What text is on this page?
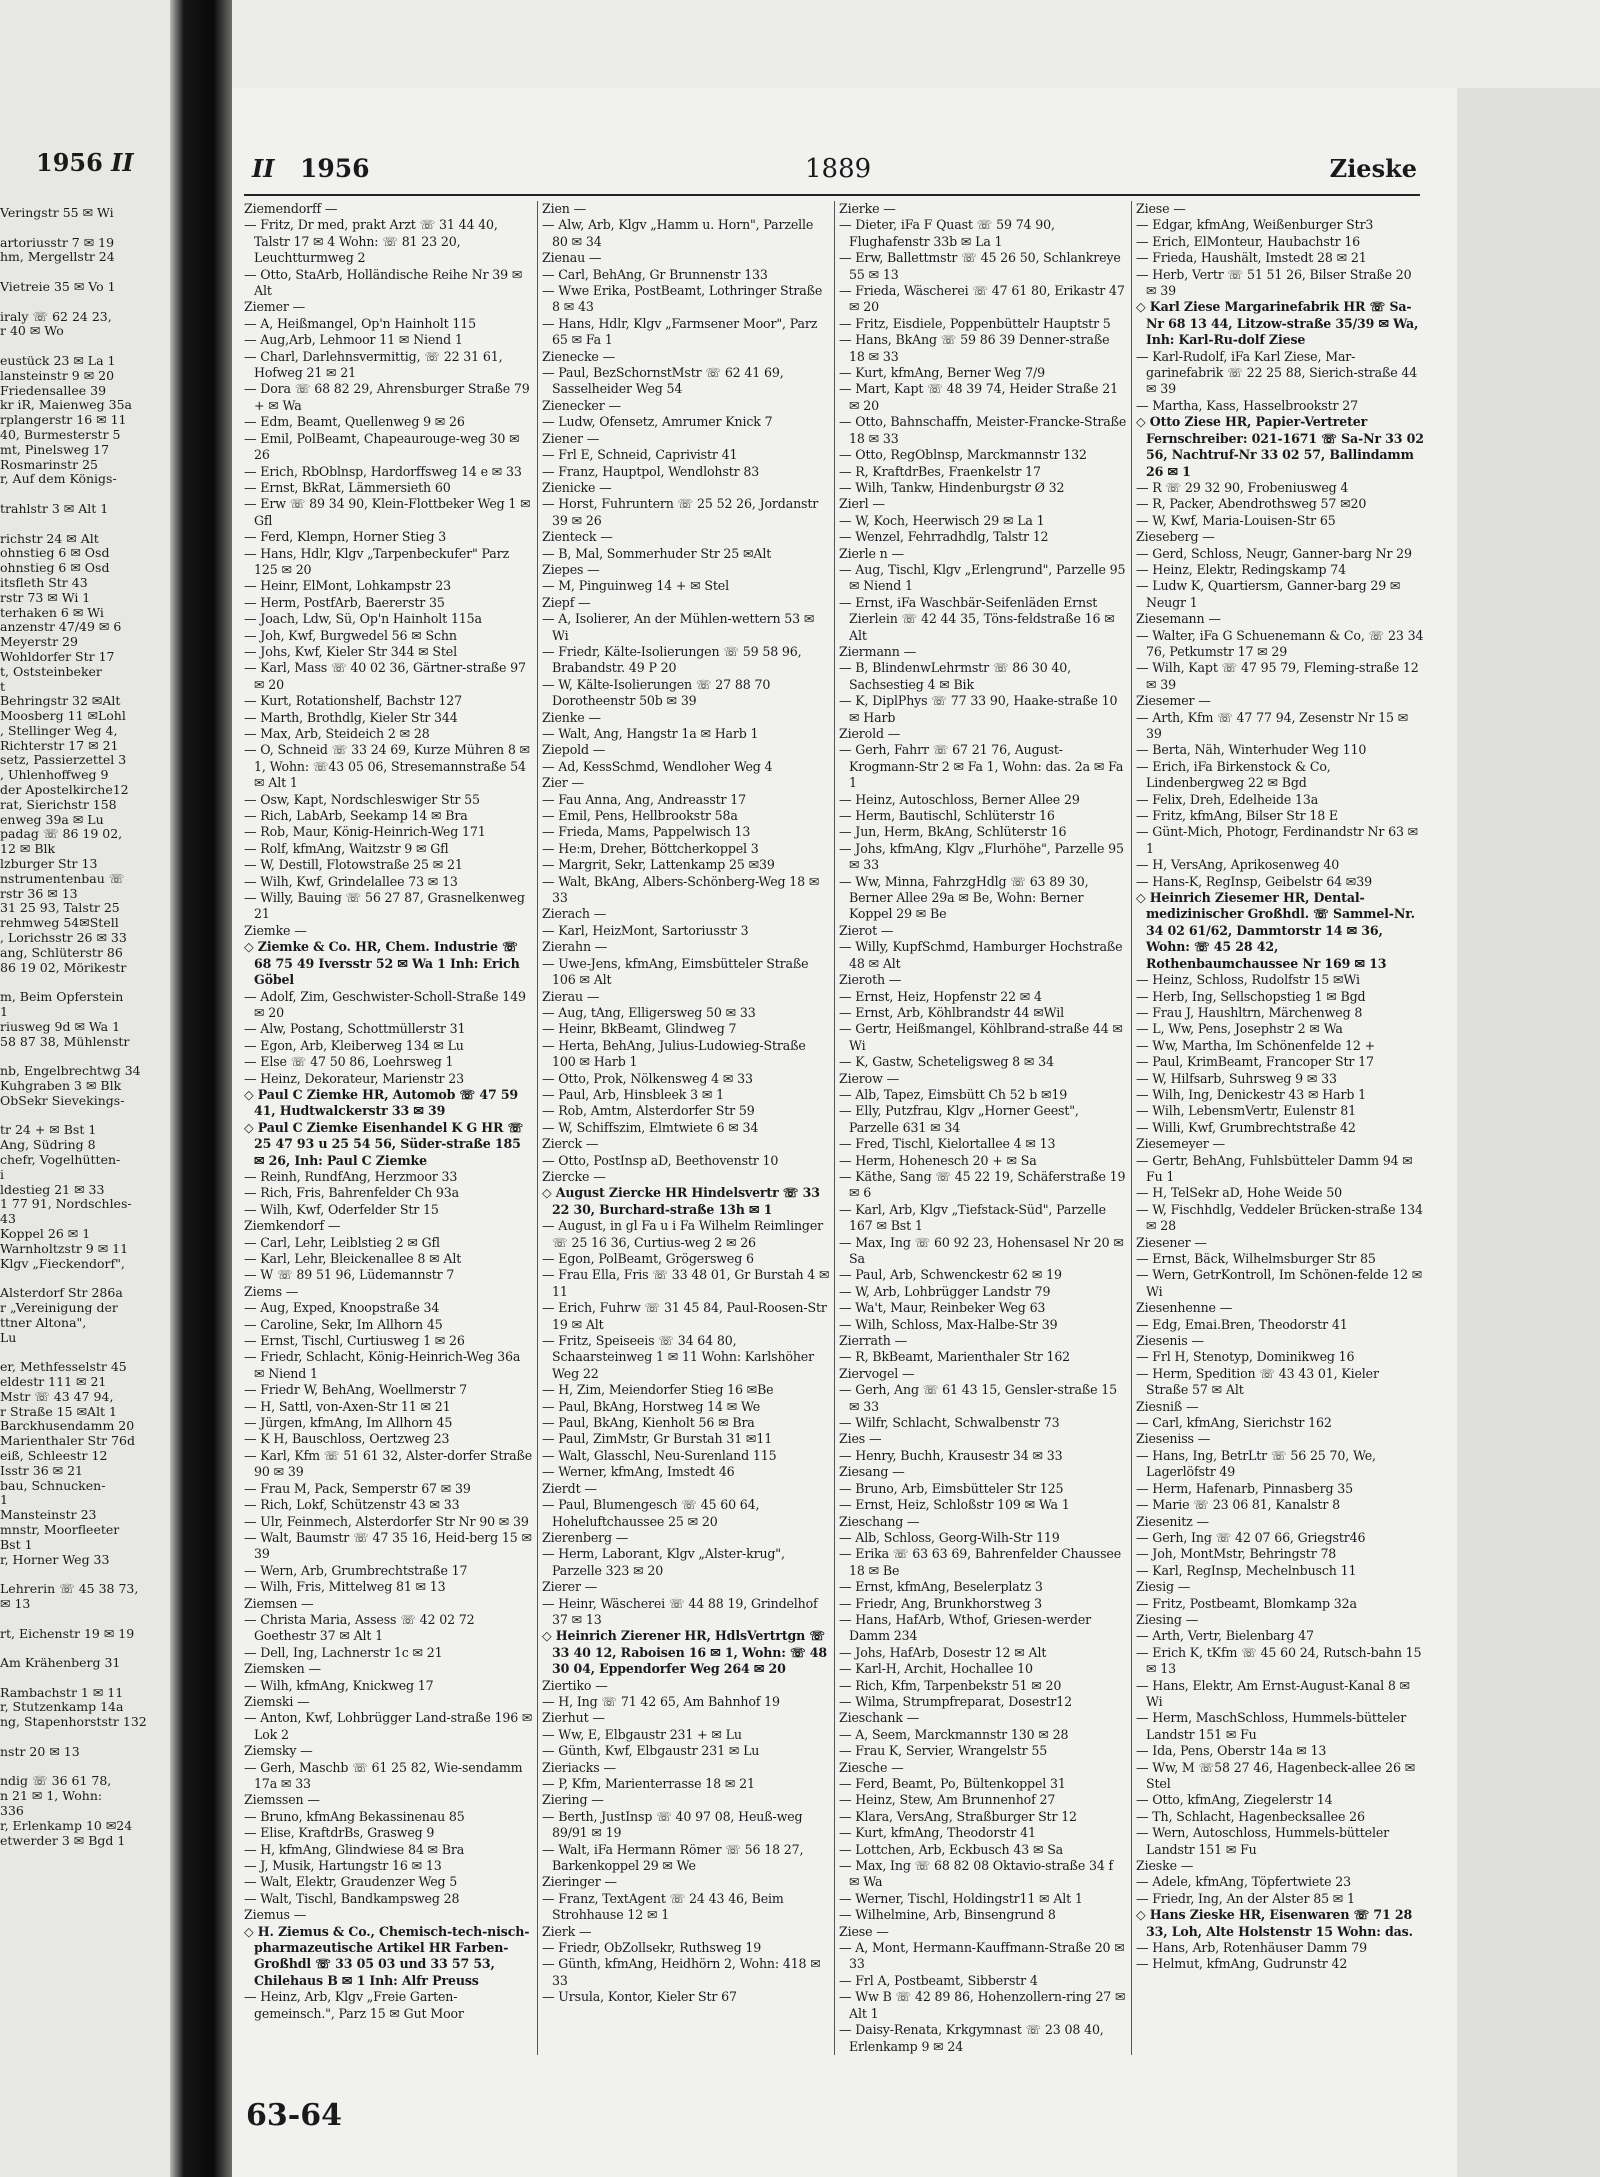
1956 II
Veringstr 55 ✉ Wi
artoriusstr 7 ✉ 19
hm, Mergellstr 24
Vietreie 35 ✉ Vo 1
iraly ☏ 62 24 23,
r 40 ✉ Wo
eustück 23 ✉ La 1
lansteinstr 9 ✉ 20
Friedensallee 39
kr iR, Maienweg 35a
rplangerstr 16 ✉ 11
40, Burmesterstr 5
mt, Pinelsweg 17
Rosmarinstr 25
r, Auf dem Königs-
trahlstr 3 ✉ Alt 1
richstr 24 ✉ Alt
ohnstieg 6 ✉ Osd
ohnstieg 6 ✉ Osd
itsfleth Str 43
rstr 73 ✉ Wi 1
terhaken 6 ✉ Wi
anzenstr 47/49 ✉ 6
Meyerstr 29
Wohldorfer Str 17
t, Oststeinbeker
t
Behringstr 32 ✉Alt
Moosberg 11 ✉Lohl
, Stellinger Weg 4,
Richterstr 17 ✉ 21
setz, Passierzettel 3
, Uhlenhoffweg 9
der Apostelkirche12
rat, Sierichstr 158
enweg 39a ✉ Lu
padag ☏ 86 19 02,
12 ✉ Blk
lzburger Str 13
nstrumentenbau ☏
rstr 36 ✉ 13
31 25 93, Talstr 25
rehmweg 54✉Stell
, Lorichsstr 26 ✉ 33
ang, Schlüterstr 86
86 19 02, Mörikestr
m, Beim Opferstein
1
riusweg 9d ✉ Wa 1
58 87 38, Mühlenstr
nb, Engelbrechtwg 34
Kuhgraben 3 ✉ Blk
ObSekr Sievekings-
tr 24 + ✉ Bst 1
Ang, Südring 8
chefr, Vogelhütten-
i
ldestieg 21 ✉ 33
1 77 91, Nordschles-
43
Koppel 26 ✉ 1
Warnholtzstr 9 ✉ 11
Klgv „Fieckendorf",
Alsterdorf Str 286a
r „Vereinigung der
ttner Altona",
Lu
er, Methfesselstr 45
eldestr 111 ✉ 21
Mstr ☏ 43 47 94,
r Straße 15 ✉Alt 1
Barckhusendamm 20
Marienthaler Str 76d
eiß, Schleestr 12
Isstr 36 ✉ 21
bau, Schnucken-
1
Mansteinstr 23
mnstr, Moorfleeter
Bst 1
r, Horner Weg 33
Lehrerin ☏ 45 38 73,
✉ 13
rt, Eichenstr 19 ✉ 19
Am Krähenberg 31
Rambachstr 1 ✉ 11
r, Stutzenkamp 14a
ng, Stapenhorststr 132
nstr 20 ✉ 13
ndig ☏ 36 61 78,
n 21 ✉ 1, Wohn:
336
r, Erlenkamp 10 ✉24
etwerder 3 ✉ Bgd 1
II 1956	1889	Zieske

Ziemendorff —

— Fritz, Dr med, prakt Arzt ☏ 31 44 40, Talstr 17 ✉ 4 Wohn: ☏ 81 23 20, Leuchtturmweg 2

— Otto, StaArb, Holländische Reihe Nr 39 ✉ Alt

Ziemer —

— A, Heißmangel, Op'n Hainholt 115

— Aug,Arb, Lehmoor 11 ✉ Niend 1

— Charl, Darlehnsvermittig, ☏ 22 31 61, Hofweg 21 ✉ 21

— Dora ☏ 68 82 29, Ahrensburger Straße 79 + ✉ Wa

— Edm, Beamt, Quellenweg 9 ✉ 26

— Emil, PolBeamt, Chapeaurouge-weg 30 ✉ 26

— Erich, RbOblnsp, Hardorffsweg 14 e ✉ 33

— Ernst, BkRat, Lämmersieth 60

— Erw ☏ 89 34 90, Klein-Flottbeker Weg 1 ✉ Gfl

— Ferd, Klempn, Horner Stieg 3

— Hans, Hdlr, Klgv „Tarpenbeckufer" Parz 125 ✉ 20

— Heinr, ElMont, Lohkampstr 23

— Herm, PostfArb, Baererstr 35

— Joach, Ldw, Sü, Op'n Hainholt 115a

— Joh, Kwf, Burgwedel 56 ✉ Schn

— Johs, Kwf, Kieler Str 344 ✉ Stel

— Karl, Mass ☏ 40 02 36, Gärtner-straße 97 ✉ 20

— Kurt, Rotationshelf, Bachstr 127

— Marth, Brothdlg, Kieler Str 344

— Max, Arb, Steideich 2 ✉ 28

— O, Schneid ☏ 33 24 69, Kurze Mühren 8 ✉ 1, Wohn: ☏43 05 06, Stresemannstraße 54 ✉ Alt 1

— Osw, Kapt, Nordschleswiger Str 55

— Rich, LabArb, Seekamp 14 ✉ Bra

— Rob, Maur, König-Heinrich-Weg 171

— Rolf, kfmAng, Waitzstr 9 ✉ Gfl

— W, Destill, Flotowstraße 25 ✉ 21

— Wilh, Kwf, Grindelallee 73 ✉ 13

— Willy, Bauing ☏ 56 27 87, Grasnelkenweg 21

Ziemke —

◇ Ziemke & Co. HR, Chem. Industrie ☏ 68 75 49 Iversstr 52 ✉ Wa 1 Inh: Erich Göbel

— Adolf, Zim, Geschwister-Scholl-Straße 149 ✉ 20

— Alw, Postang, Schottmüllerstr 31

— Egon, Arb, Kleiberweg 134 ✉ Lu

— Else ☏ 47 50 86, Loehrsweg 1

— Heinz, Dekorateur, Marienstr 23

◇ Paul C Ziemke HR, Automob ☏ 47 59 41, Hudtwalckerstr 33 ✉ 39

◇ Paul C Ziemke Eisenhandel K G HR ☏ 25 47 93 u 25 54 56, Süder-straße 185 ✉ 26, Inh: Paul C Ziemke

— Reinh, RundfAng, Herzmoor 33

— Rich, Fris, Bahrenfelder Ch 93a

— Wilh, Kwf, Oderfelder Str 15

Ziemkendorf —

— Carl, Lehr, Leiblstieg 2 ✉ Gfl

— Karl, Lehr, Bleickenallee 8 ✉ Alt

— W ☏ 89 51 96, Lüdemannstr 7

Ziems —

— Aug, Exped, Knoopstraße 34

— Caroline, Sekr, Im Allhorn 45

— Ernst, Tischl, Curtiusweg 1 ✉ 26

— Friedr, Schlacht, König-Heinrich-Weg 36a ✉ Niend 1

— Friedr W, BehAng, Woellmerstr 7

— H, Sattl, von-Axen-Str 11 ✉ 21

— Jürgen, kfmAng, Im Allhorn 45

— K H, Bauschloss, Oertzweg 23

— Karl, Kfm ☏ 51 61 32, Alster-dorfer Straße 90 ✉ 39

— Frau M, Pack, Semperstr 67 ✉ 39

— Rich, Lokf, Schützenstr 43 ✉ 33

— Ulr, Feinmech, Alsterdorfer Str Nr 90 ✉ 39

— Walt, Baumstr ☏ 47 35 16, Heid-berg 15 ✉ 39

— Wern, Arb, Grumbrechtstraße 17

— Wilh, Fris, Mittelweg 81 ✉ 13

Ziemsen —

— Christa Maria, Assess ☏ 42 02 72 Goethestr 37 ✉ Alt 1

— Dell, Ing, Lachnerstr 1c ✉ 21

Ziemsken —

— Wilh, kfmAng, Knickweg 17

Ziemski —

— Anton, Kwf, Lohbrügger Land-straße 196 ✉ Lok 2

Ziemsky —

— Gerh, Maschb ☏ 61 25 82, Wie-sendamm 17a ✉ 33

Ziemssen —

— Bruno, kfmAng Bekassinenau 85

— Elise, KraftdrBs, Grasweg 9

— H, kfmAng, Glindwiese 84 ✉ Bra

— J, Musik, Hartungstr 16 ✉ 13

— Walt, Elektr, Graudenzer Weg 5

— Walt, Tischl, Bandkampsweg 28

Ziemus —

◇ H. Ziemus & Co., Chemisch-tech-nisch-pharmazeutische Artikel HR Farben-Großhdl ☏ 33 05 03 und 33 57 53, Chilehaus B ✉ 1 Inh: Alfr Preuss

— Heinz, Arb, Klgv „Freie Garten-gemeinsch.", Parz 15 ✉ Gut Moor

Zien —

— Alw, Arb, Klgv „Hamm u. Horn", Parzelle 80 ✉ 34

Zienau —

— Carl, BehAng, Gr Brunnenstr 133

— Wwe Erika, PostBeamt, Lothringer Straße 8 ✉ 43

— Hans, Hdlr, Klgv „Farmsener Moor", Parz 65 ✉ Fa 1

Zienecke —

— Paul, BezSchornstMstr ☏ 62 41 69, Sasselheider Weg 54

Zienecker —

— Ludw, Ofensetz, Amrumer Knick 7

Ziener —

— Frl E, Schneid, Caprivistr 41

— Franz, Hauptpol, Wendlohstr 83

Zienicke —

— Horst, Fuhruntern ☏ 25 52 26, Jordanstr 39 ✉ 26

Zienteck —

— B, Mal, Sommerhuder Str 25 ✉Alt

Ziepes —

— M, Pinguinweg 14 + ✉ Stel

Ziepf —

— A, Isolierer, An der Mühlen-wettern 53 ✉ Wi

— Friedr, Kälte-Isolierungen ☏ 59 58 96, Brabandstr. 49 P 20

— W, Kälte-Isolierungen ☏ 27 88 70 Dorotheenstr 50b ✉ 39

Zienke —

— Walt, Ang, Hangstr 1a ✉ Harb 1

Ziepold —

— Ad, KessSchmd, Wendloher Weg 4

Zier —

— Fau Anna, Ang, Andreasstr 17

— Emil, Pens, Hellbrookstr 58a

— Frieda, Mams, Pappelwisch 13

— He:m, Dreher, Böttcherkoppel 3

— Margrit, Sekr, Lattenkamp 25 ✉39

— Walt, BkAng, Albers-Schönberg-Weg 18 ✉ 33

Zierach —

— Karl, HeizMont, Sartoriusstr 3

Zierahn —

— Uwe-Jens, kfmAng, Eimsbütteler Straße 106 ✉ Alt

Zierau —

— Aug, tAng, Elligersweg 50 ✉ 33

— Heinr, BkBeamt, Glindweg 7

— Herta, BehAng, Julius-Ludowieg-Straße 100 ✉ Harb 1

— Otto, Prok, Nölkensweg 4 ✉ 33

— Paul, Arb, Hinsbleek 3 ✉ 1

— Rob, Amtm, Alsterdorfer Str 59

— W, Schiffszim, Elmtwiete 6 ✉ 34

Zierck —

— Otto, PostInsp aD, Beethovenstr 10

Ziercke —

◇ August Ziercke HR Hindelsvertr ☏ 33 22 30, Burchard-straße 13h ✉ 1

— August, in gl Fa u i Fa Wilhelm Reimlinger ☏ 25 16 36, Curtius-weg 2 ✉ 26

— Egon, PolBeamt, Grögersweg 6

— Frau Ella, Fris ☏ 33 48 01, Gr Burstah 4 ✉ 11

— Erich, Fuhrw ☏ 31 45 84, Paul-Roosen-Str 19 ✉ Alt

— Fritz, Speiseeis ☏ 34 64 80, Schaarsteinweg 1 ✉ 11 Wohn: Karlshöher Weg 22

— H, Zim, Meiendorfer Stieg 16 ✉Be

— Paul, BkAng, Horstweg 14 ✉ We

— Paul, BkAng, Kienholt 56 ✉ Bra

— Paul, ZimMstr, Gr Burstah 31 ✉11

— Walt, Glasschl, Neu-Surenland 115

— Werner, kfmAng, Imstedt 46

Zierdt —

— Paul, Blumengesch ☏ 45 60 64, Hoheluftchaussee 25 ✉ 20

Zierenberg —

— Herm, Laborant, Klgv „Alster-krug", Parzelle 323 ✉ 20

Zierer —

— Heinr, Wäscherei ☏ 44 88 19, Grindelhof 37 ✉ 13

◇ Heinrich Zierener HR, HdlsVertrtgn ☏ 33 40 12, Raboisen 16 ✉ 1, Wohn: ☏ 48 30 04, Eppendorfer Weg 264 ✉ 20

Ziertiko —

— H, Ing ☏ 71 42 65, Am Bahnhof 19

Zierhut —

— Ww, E, Elbgaustr 231 + ✉ Lu

— Günth, Kwf, Elbgaustr 231 ✉ Lu

Zieriacks —

— P, Kfm, Marienterrasse 18 ✉ 21

Ziering —

— Berth, JustInsp ☏ 40 97 08, Heuß-weg 89/91 ✉ 19

— Walt, iFa Hermann Römer ☏ 56 18 27, Barkenkoppel 29 ✉ We

Zieringer —

— Franz, TextAgent ☏ 24 43 46, Beim Strohhause 12 ✉ 1

Zierk —

— Friedr, ObZollsekr, Ruthsweg 19

— Günth, kfmAng, Heidhörn 2, Wohn: 418 ✉ 33

— Ursula, Kontor, Kieler Str 67

Zierke —

— Dieter, iFa F Quast ☏ 59 74 90, Flughafenstr 33b ✉ La 1

— Erw, Ballettmstr ☏ 45 26 50, Schlankreye 55 ✉ 13

— Frieda, Wäscherei ☏ 47 61 80, Erikastr 47 ✉ 20

— Fritz, Eisdiele, Poppenbüttelr Hauptstr 5

— Hans, BkAng ☏ 59 86 39 Denner-straße 18 ✉ 33

— Kurt, kfmAng, Berner Weg 7/9

— Mart, Kapt ☏ 48 39 74, Heider Straße 21 ✉ 20

— Otto, Bahnschaffn, Meister-Francke-Straße 18 ✉ 33

— Otto, RegOblnsp, Marckmannstr 132

— R, KraftdrBes, Fraenkelstr 17

— Wilh, Tankw, Hindenburgstr Ø 32

Zierl —

— W, Koch, Heerwisch 29 ✉ La 1

— Wenzel, Fehrradhdlg, Talstr 12

Zierle n —

— Aug, Tischl, Klgv „Erlengrund", Parzelle 95 ✉ Niend 1

— Ernst, iFa Waschbär-Seifenläden Ernst Zierlein ☏ 42 44 35, Töns-feldstraße 16 ✉ Alt

Ziermann —

— B, BlindenwLehrmstr ☏ 86 30 40, Sachsestieg 4 ✉ Bik

— K, DiplPhys ☏ 77 33 90, Haake-straße 10 ✉ Harb

Zierold —

— Gerh, Fahrr ☏ 67 21 76, August-Krogmann-Str 2 ✉ Fa 1, Wohn: das. 2a ✉ Fa 1

— Heinz, Autoschloss, Berner Allee 29

— Herm, Bautischl, Schlüterstr 16

— Jun, Herm, BkAng, Schlüterstr 16

— Johs, kfmAng, Klgv „Flurhöhe", Parzelle 95 ✉ 33

— Ww, Minna, FahrzgHdlg ☏ 63 89 30, Berner Allee 29a ✉ Be, Wohn: Berner Koppel 29 ✉ Be

Zierot —

— Willy, KupfSchmd, Hamburger Hochstraße 48 ✉ Alt

Zieroth —

— Ernst, Heiz, Hopfenstr 22 ✉ 4

— Ernst, Arb, Köhlbrandstr 44 ✉Wil

— Gertr, Heißmangel, Köhlbrand-straße 44 ✉ Wi

— K, Gastw, Scheteligsweg 8 ✉ 34

Zierow —

— Alb, Tapez, Eimsbütt Ch 52 b ✉19

— Elly, Putzfrau, Klgv „Horner Geest", Parzelle 631 ✉ 34

— Fred, Tischl, Kielortallee 4 ✉ 13

— Herm, Hohenesch 20 + ✉ Sa

— Käthe, Sang ☏ 45 22 19, Schäferstraße 19 ✉ 6

— Karl, Arb, Klgv „Tiefstack-Süd", Parzelle 167 ✉ Bst 1

— Max, Ing ☏ 60 92 23, Hohensasel Nr 20 ✉ Sa

— Paul, Arb, Schwenckestr 62 ✉ 19

— W, Arb, Lohbrügger Landstr 79

— Wa't, Maur, Reinbeker Weg 63

— Wilh, Schloss, Max-Halbe-Str 39

Zierrath —

— R, BkBeamt, Marienthaler Str 162

Ziervogel —

— Gerh, Ang ☏ 61 43 15, Gensler-straße 15 ✉ 33

— Wilfr, Schlacht, Schwalbenstr 73

Zies —

— Henry, Buchh, Krausestr 34 ✉ 33

Ziesang —

— Bruno, Arb, Eimsbütteler Str 125

— Ernst, Heiz, Schloßstr 109 ✉ Wa 1

Zieschang —

— Alb, Schloss, Georg-Wilh-Str 119

— Erika ☏ 63 63 69, Bahrenfelder Chaussee 18 ✉ Be

— Ernst, kfmAng, Beselerplatz 3

— Friedr, Ang, Brunkhorstweg 3

— Hans, HafArb, Wthof, Griesen-werder Damm 234

— Johs, HafArb, Dosestr 12 ✉ Alt

— Karl-H, Archit, Hochallee 10

— Rich, Kfm, Tarpenbekstr 51 ✉ 20

— Wilma, Strumpfreparat, Dosestr12

Zieschank —

— A, Seem, Marckmannstr 130 ✉ 28

— Frau K, Servier, Wrangelstr 55

Ziesche —

— Ferd, Beamt, Po, Bültenkoppel 31

— Heinz, Stew, Am Brunnenhof 27

— Klara, VersAng, Straßburger Str 12

— Kurt, kfmAng, Theodorstr 41

— Lottchen, Arb, Eckbusch 43 ✉ Sa

— Max, Ing ☏ 68 82 08 Oktavio-straße 34 f ✉ Wa

— Werner, Tischl, Holdingstr11 ✉ Alt 1

— Wilhelmine, Arb, Binsengrund 8

Ziese —

— A, Mont, Hermann-Kauffmann-Straße 20 ✉ 33

— Frl A, Postbeamt, Sibberstr 4

— Ww B ☏ 42 89 86, Hohenzollern-ring 27 ✉ Alt 1

— Daisy-Renata, Krkgymnast ☏ 23 08 40, Erlenkamp 9 ✉ 24

Ziese —

— Edgar, kfmAng, Weißenburger Str3

— Erich, ElMonteur, Haubachstr 16

— Frieda, Haushält, Imstedt 28 ✉ 21

— Herb, Vertr ☏ 51 51 26, Bilser Straße 20 ✉ 39

◇ Karl Ziese Margarinefabrik HR ☏ Sa-Nr 68 13 44, Litzow-straße 35/39 ✉ Wa, Inh: Karl-Ru-dolf Ziese

— Karl-Rudolf, iFa Karl Ziese, Mar-garinefabrik ☏ 22 25 88, Sierich-straße 44 ✉ 39

— Martha, Kass, Hasselbrookstr 27

◇ Otto Ziese HR, Papier-Vertreter Fernschreiber: 021-1671 ☏ Sa-Nr 33 02 56, Nachtruf-Nr 33 02 57, Ballindamm 26 ✉ 1

— R ☏ 29 32 90, Frobeniusweg 4

— R, Packer, Abendrothsweg 57 ✉20

— W, Kwf, Maria-Louisen-Str 65

Zieseberg —

— Gerd, Schloss, Neugr, Ganner-barg Nr 29

— Heinz, Elektr, Redingskamp 74

— Ludw K, Quartiersm, Ganner-barg 29 ✉ Neugr 1

Ziesemann —

— Walter, iFa G Schuenemann & Co, ☏ 23 34 76, Petkumstr 17 ✉ 29

— Wilh, Kapt ☏ 47 95 79, Fleming-straße 12 ✉ 39

Ziesemer —

— Arth, Kfm ☏ 47 77 94, Zesenstr Nr 15 ✉ 39

— Berta, Näh, Winterhuder Weg 110

— Erich, iFa Birkenstock & Co, Lindenbergweg 22 ✉ Bgd

— Felix, Dreh, Edelheide 13a

— Fritz, kfmAng, Bilser Str 18 E

— Günt-Mich, Photogr, Ferdinandstr Nr 63 ✉ 1

— H, VersAng, Aprikosenweg 40

— Hans-K, RegInsp, Geibelstr 64 ✉39

◇ Heinrich Ziesemer HR, Dental-medizinischer Großhdl. ☏ Sammel-Nr. 34 02 61/62, Dammtorstr 14 ✉ 36, Wohn: ☏ 45 28 42, Rothenbaumchaussee Nr 169 ✉ 13

— Heinz, Schloss, Rudolfstr 15 ✉Wi

— Herb, Ing, Sellschopstieg 1 ✉ Bgd

— Frau J, Haushltrn, Märchenweg 8

— L, Ww, Pens, Josephstr 2 ✉ Wa

— Ww, Martha, Im Schönenfelde 12 +

— Paul, KrimBeamt, Francoper Str 17

— W, Hilfsarb, Suhrsweg 9 ✉ 33

— Wilh, Ing, Denickestr 43 ✉ Harb 1

— Wilh, LebensmVertr, Eulenstr 81

— Willi, Kwf, Grumbrechtstraße 42

Ziesemeyer —

— Gertr, BehAng, Fuhlsbütteler Damm 94 ✉ Fu 1

— H, TelSekr aD, Hohe Weide 50

— W, Fischhdlg, Veddeler Brücken-straße 134 ✉ 28

Ziesener —

— Ernst, Bäck, Wilhelmsburger Str 85

— Wern, GetrKontroll, Im Schönen-felde 12 ✉ Wi

Ziesenhenne —

— Edg, Emai.Bren, Theodorstr 41

Ziesenis —

— Frl H, Stenotyp, Dominikweg 16

— Herm, Spedition ☏ 43 43 01, Kieler Straße 57 ✉ Alt

Ziesniß —

— Carl, kfmAng, Sierichstr 162

Zieseniss —

— Hans, Ing, BetrLtr ☏ 56 25 70, We, Lagerlöfstr 49

— Herm, Hafenarb, Pinnasberg 35

— Marie ☏ 23 06 81, Kanalstr 8

Ziesenitz —

— Gerh, Ing ☏ 42 07 66, Griegstr46

— Joh, MontMstr, Behringstr 78

— Karl, RegInsp, Mechelnbusch 11

Ziesig —

— Fritz, Postbeamt, Blomkamp 32a

Ziesing —

— Arth, Vertr, Bielenbarg 47

— Erich K, tKfm ☏ 45 60 24, Rutsch-bahn 15 ✉ 13

— Hans, Elektr, Am Ernst-August-Kanal 8 ✉ Wi

— Herm, MaschSchloss, Hummels-bütteler Landstr 151 ✉ Fu

— Ida, Pens, Oberstr 14a ✉ 13

— Ww, M ☏58 27 46, Hagenbeck-allee 26 ✉ Stel

— Otto, kfmAng, Ziegelerstr 14

— Th, Schlacht, Hagenbecksallee 26

— Wern, Autoschloss, Hummels-bütteler Landstr 151 ✉ Fu

Zieske —

— Adele, kfmAng, Töpfertwiete 23

— Friedr, Ing, An der Alster 85 ✉ 1

◇ Hans Zieske HR, Eisenwaren ☏ 71 28 33, Loh, Alte Holstenstr 15 Wohn: das.

— Hans, Arb, Rotenhäuser Damm 79

— Helmut, kfmAng, Gudrunstr 42

63-64
